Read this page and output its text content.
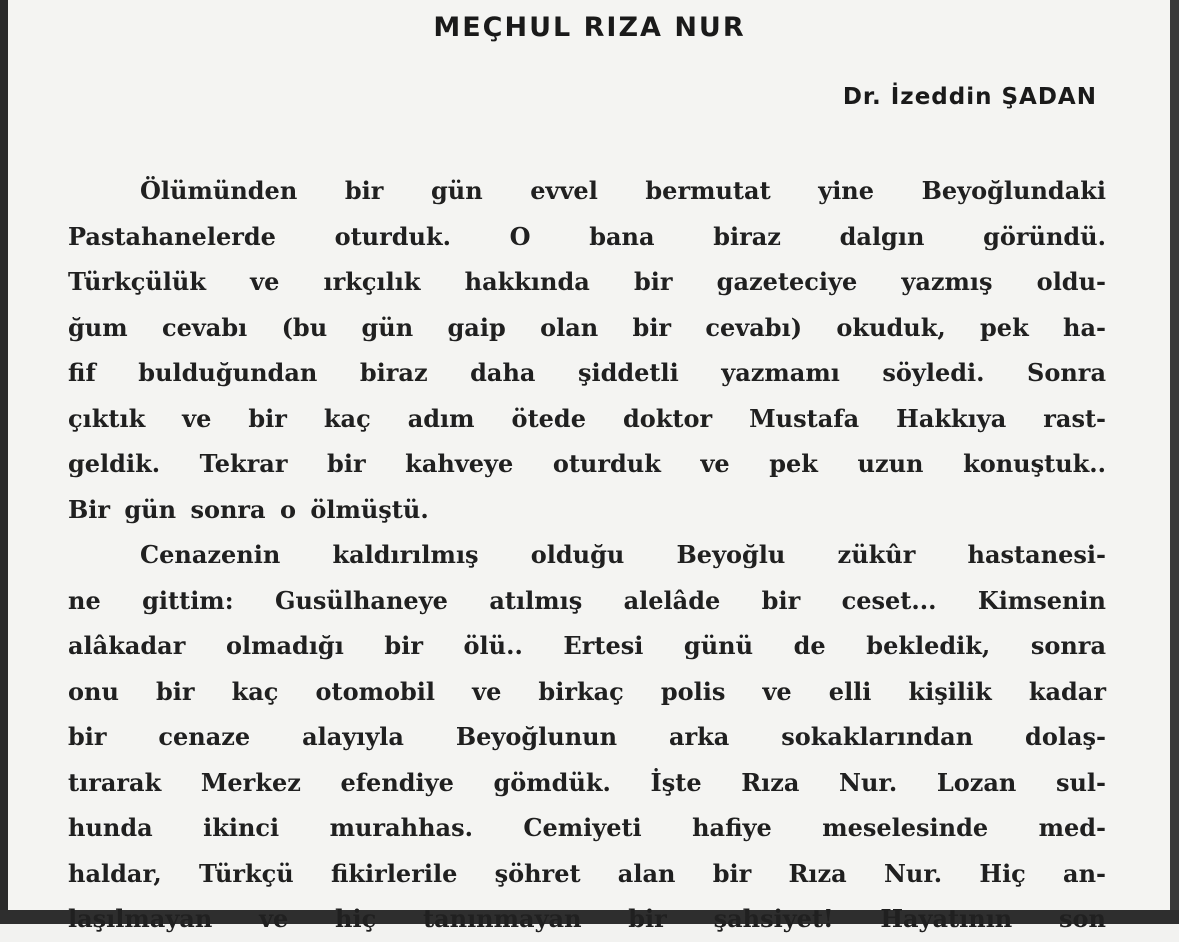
MEÇHUL RIZA NUR
Dr. İzeddin ŞADAN
Ölümünden bir gün evvel bermutat yine Beyoğlundaki
Pastahanelerde oturduk. O bana biraz dalgın göründü.
Türkçülük ve ırkçılık hakkında bir gazeteciye yazmış oldu-
ğum cevabı (bu gün gaip olan bir cevabı) okuduk, pek ha-
fif bulduğundan biraz daha şiddetli yazmamı söyledi. Sonra
çıktık ve bir kaç adım ötede doktor Mustafa Hakkıya rast-
geldik. Tekrar bir kahveye oturduk ve pek uzun konuştuk..
Bir gün sonra o ölmüştü.
Cenazenin kaldırılmış olduğu Beyoğlu zükûr hastanesi-
ne gittim: Gusülhaneye atılmış alelâde bir ceset... Kimsenin
alâkadar olmadığı bir ölü.. Ertesi günü de bekledik, sonra
onu bir kaç otomobil ve birkaç polis ve elli kişilik kadar
bir cenaze alayıyla Beyoğlunun arka sokaklarından dolaş-
tırarak Merkez efendiye gömdük. İşte Rıza Nur. Lozan sul-
hunda ikinci murahhas. Cemiyeti hafiye meselesinde med-
haldar, Türkçü fikirlerile şöhret alan bir Rıza Nur. Hiç an-
laşılmayan ve hiç tanınmayan bir şahsiyet! Hayatının son
